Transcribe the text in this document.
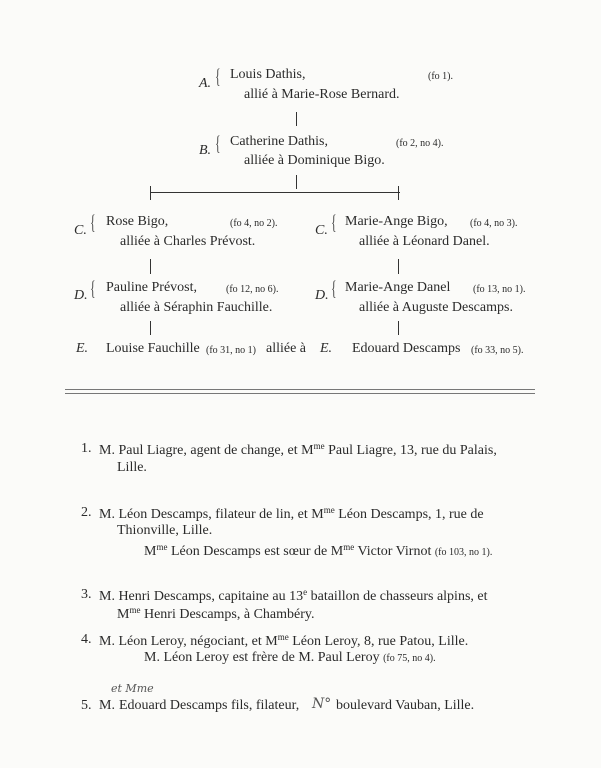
A. { Louis Dathis,	(fo 1).
allié à Marie-Rose Bernard.
B. { Catherine Dathis,	(fo 2, no 4).
alliée à Dominique Bigo.
C. { Rose Bigo,	(fo 4, no 2).
alliée à Charles Prévost.
C. { Marie-Ange Bigo, (fo 4, no 3).
alliée à Léonard Danel.
D. { Pauline Prévost,	(fo 12, no 6).
alliée à Séraphin Fauchille.
D. { Marie-Ange Danel (fo 13, no 1).
alliée à Auguste Descamps.
E. Louise Fauchille (fo 31, no 1) alliée à E. Edouard Descamps (fo 33, no 5).
1. M. Paul Liagre, agent de change, et $M^{me}$ Paul Liagre, 13, rue du Palais,
Lille.
2. M. Léon Descamps, filateur de lin, et $M^{me}$ Léon Descamps, 1, rue de
Thionville, Lille.
$M^{me}$ Léon Descamps est sœur de $M^{me}$ Victor Virnot (fo 103, no 1).
3. M. Henri Descamps, capitaine au 13e bataillon de chasseurs alpins, et
$M^{me}$ Henri Descamps, à Chambéry.
4. M. Léon Leroy, négociant, et $M^{me}$ Léon Leroy, 8, rue Patou, Lille.
M. Léon Leroy est frère de M. Paul Leroy (fo 75, no 4).
5. M.
et Mme
Edouard Descamps fils, filateur, N° boulevard Vauban, Lille.
